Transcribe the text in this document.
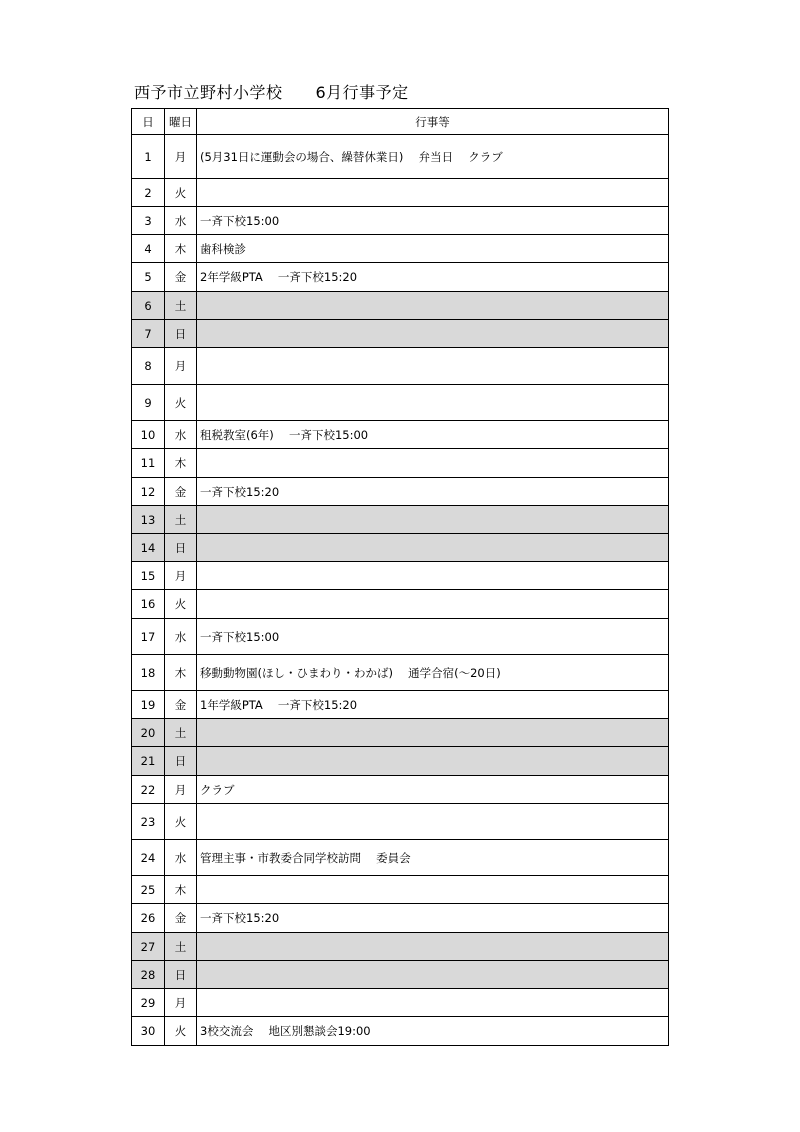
西予市立野村小学校　　6月行事予定
日	曜日	行事等
1	月	(5月31日に運動会の場合、繰替休業日)　 弁当日　 クラブ
2	火	
3	水	一斉下校15:00
4	木	歯科検診
5	金	2年学級PTA　 一斉下校15:20
6	土	
7	日	
8	月	
9	火	
10	水	租税教室(6年)　 一斉下校15:00
11	木	
12	金	一斉下校15:20
13	土	
14	日	
15	月	
16	火	
17	水	一斉下校15:00
18	木	移動動物園(ほし・ひまわり・わかば)　 通学合宿(～20日)
19	金	1年学級PTA　 一斉下校15:20
20	土	
21	日	
22	月	クラブ
23	火	
24	水	管理主事・市教委合同学校訪問　 委員会
25	木	
26	金	一斉下校15:20
27	土	
28	日	
29	月	
30	火	3校交流会　 地区別懇談会19:00
